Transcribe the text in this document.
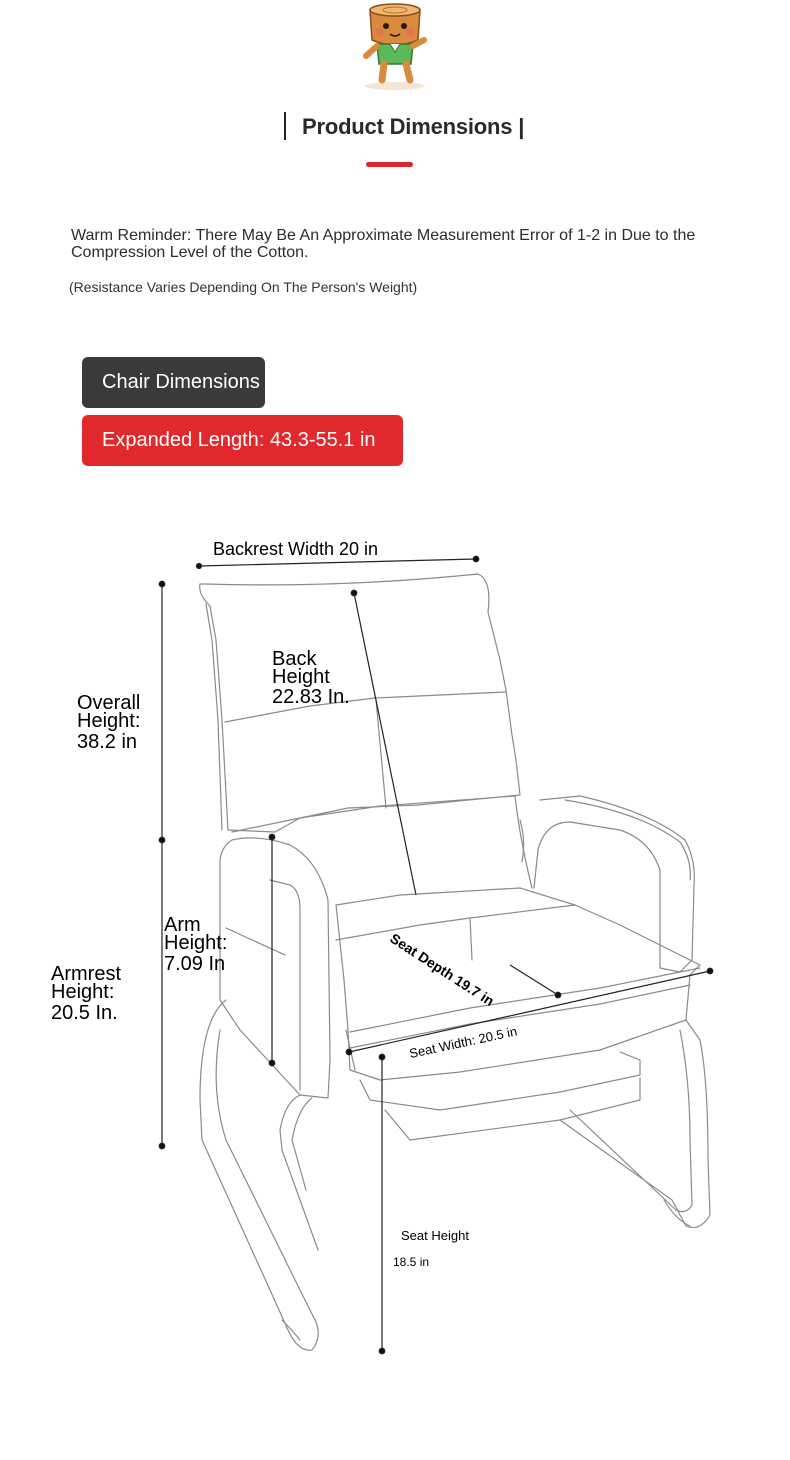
Product Dimensions |
Warm Reminder: There May Be An Approximate Measurement Error of 1-2 in Due to the Compression Level of the Cotton.
(Resistance Varies Depending On The Person's Weight)
Chair Dimensions
Expanded Length: 43.3-55.1 in
Backrest Width 20 in
Back
Height
22.83 In.
Overall
Height:
38.2 in
Arm
Height:
7.09 In
Armrest
Height:
20.5 In.
Seat Depth 19.7 in
Seat Width: 20.5 in
Seat Height
18.5 in
